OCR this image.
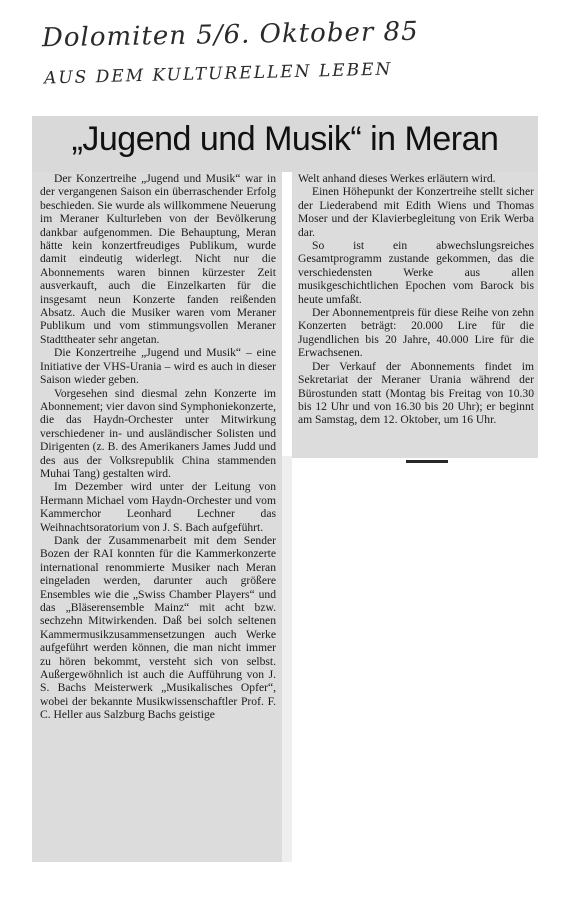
Dolomiten 5/6. Oktober 85
AUS DEM KULTURELLEN LEBEN
„Jugend und Musik“ in Meran

Der Konzertreihe „Jugend und Musik“ war in der vergangenen Saison ein überraschender Erfolg beschieden. Sie wurde als willkommene Neuerung im Meraner Kulturleben von der Bevölkerung dankbar aufgenommen. Die Behauptung, Meran hätte kein konzertfreudiges Publikum, wurde damit eindeutig widerlegt. Nicht nur die Abonnements waren binnen kürzester Zeit ausverkauft, auch die Einzelkarten für die insgesamt neun Konzerte fanden reißenden Absatz. Auch die Musiker waren vom Meraner Publikum und vom stimmungsvollen Meraner Stadttheater sehr angetan.

Die Konzertreihe „Jugend und Musik“ – eine Initiative der VHS-Urania – wird es auch in dieser Saison wieder geben.

Vorgesehen sind diesmal zehn Konzerte im Abonnement; vier davon sind Symphoniekonzerte, die das Haydn-Orchester unter Mitwirkung verschiedener in- und ausländischer Solisten und Dirigenten (z. B. des Amerikaners James Judd und des aus der Volksrepublik China stammenden Muhai Tang) gestalten wird.

Im Dezember wird unter der Leitung von Hermann Michael vom Haydn-Orchester und vom Kammerchor Leonhard Lechner das Weihnachtsoratorium von J. S. Bach aufgeführt.

Dank der Zusammenarbeit mit dem Sender Bozen der RAI konnten für die Kammerkonzerte international renommierte Musiker nach Meran eingeladen werden, darunter auch größere Ensembles wie die „Swiss Chamber Players“ und das „Bläserensemble Mainz“ mit acht bzw. sechzehn Mitwirkenden. Daß bei solch seltenen Kammermusikzusammensetzungen auch Werke aufgeführt werden können, die man nicht immer zu hören bekommt, versteht sich von selbst. Außergewöhnlich ist auch die Aufführung von J. S. Bachs Meisterwerk „Musikalisches Opfer“, wobei der bekannte Musikwissenschaftler Prof. F. C. Heller aus Salzburg Bachs geistige

Welt anhand dieses Werkes erläutern wird.

Einen Höhepunkt der Konzertreihe stellt sicher der Liederabend mit Edith Wiens und Thomas Moser und der Klavierbegleitung von Erik Werba dar.

So ist ein abwechslungsreiches Gesamtprogramm zustande gekommen, das die verschiedensten Werke aus allen musikgeschichtlichen Epochen vom Barock bis heute umfaßt.

Der Abonnementpreis für diese Reihe von zehn Konzerten beträgt: 20.000 Lire für die Jugendlichen bis 20 Jahre, 40.000 Lire für die Erwachsenen.

Der Verkauf der Abonnements findet im Sekretariat der Meraner Urania während der Bürostunden statt (Montag bis Freitag von 10.30 bis 12 Uhr und von 16.30 bis 20 Uhr); er beginnt am Samstag, dem 12. Oktober, um 16 Uhr.
